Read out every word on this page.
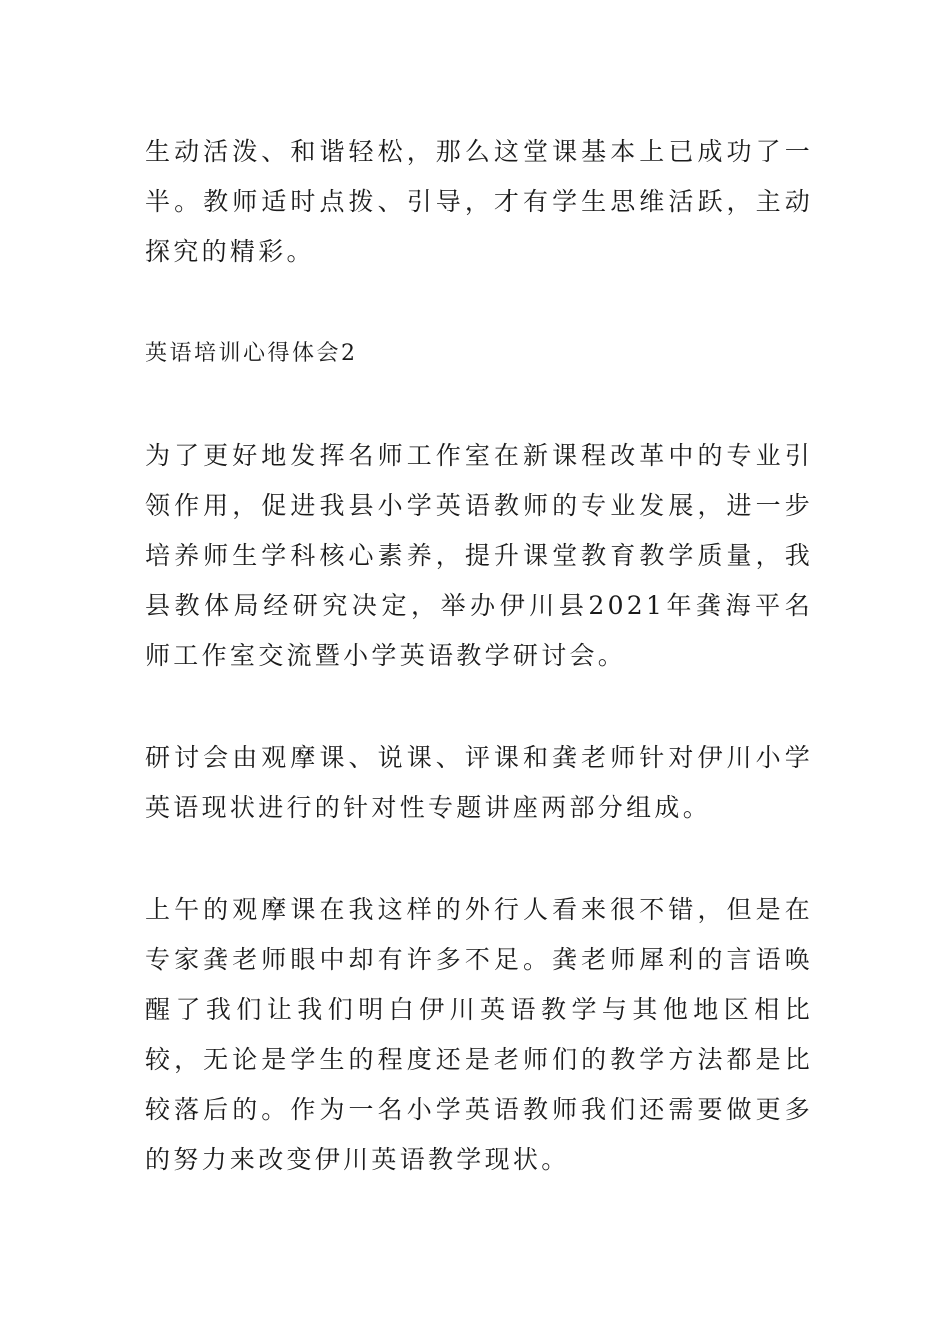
生动活泼、和谐轻松，那么这堂课基本上已成功了一半。教师适时点拨、引导，才有学生思维活跃，主动探究的精彩。

英语培训心得体会2

为了更好地发挥名师工作室在新课程改革中的专业引领作用，促进我县小学英语教师的专业发展，进一步培养师生学科核心素养，提升课堂教育教学质量，我县教体局经研究决定，举办伊川县2021年龚海平名师工作室交流暨小学英语教学研讨会。

研讨会由观摩课、说课、评课和龚老师针对伊川小学英语现状进行的针对性专题讲座两部分组成。

上午的观摩课在我这样的外行人看来很不错，但是在专家龚老师眼中却有许多不足。龚老师犀利的言语唤醒了我们让我们明白伊川英语教学与其他地区相比较，无论是学生的程度还是老师们的教学方法都是比较落后的。作为一名小学英语教师我们还需要做更多的努力来改变伊川英语教学现状。
